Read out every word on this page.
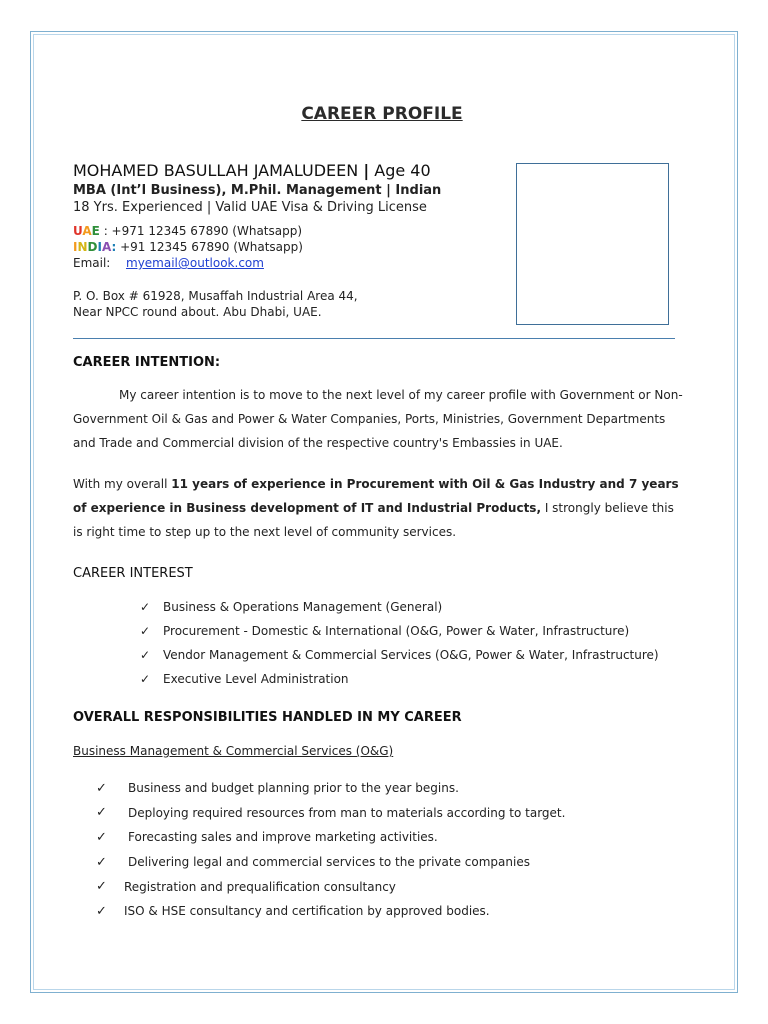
CAREER PROFILE
MOHAMED BASULLAH JAMALUDEEN | Age 40
MBA (Int’l Business), M.Phil. Management | Indian
18 Yrs. Experienced | Valid UAE Visa & Driving License
UAE : +971 12345 67890 (Whatsapp)
INDIA: +91 12345 67890 (Whatsapp)
Email: myemail@outlook.com
P. O. Box # 61928, Musaffah Industrial Area 44,
Near NPCC round about. Abu Dhabi, UAE.
CAREER INTENTION:
My career intention is to move to the next level of my career profile with Government or Non-
Government Oil & Gas and Power & Water Companies, Ports, Ministries, Government Departments
and Trade and Commercial division of the respective country's Embassies in UAE.
With my overall 11 years of experience in Procurement with Oil & Gas Industry and 7 years
of experience in Business development of IT and Industrial Products, I strongly believe this
is right time to step up to the next level of community services.
CAREER INTEREST
✓	Business & Operations Management (General)
✓	Procurement - Domestic & International (O&G, Power & Water, Infrastructure)
✓	Vendor Management & Commercial Services (O&G, Power & Water, Infrastructure)
✓	Executive Level Administration
OVERALL RESPONSIBILITIES HANDLED IN MY CAREER
Business Management & Commercial Services (O&G)
✓	Business and budget planning prior to the year begins.
✓	Deploying required resources from man to materials according to target.
✓	Forecasting sales and improve marketing activities.
✓	Delivering legal and commercial services to the private companies
✓	Registration and prequalification consultancy
✓	ISO & HSE consultancy and certification by approved bodies.
